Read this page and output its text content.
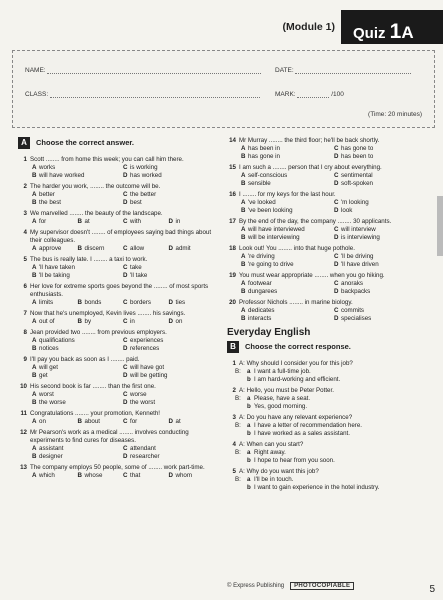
(Module 1)	Quiz 1A
NAME:	DATE:
CLASS:	MARK:	/100
(Time: 20 minutes)
A	Choose the correct answer.
1 Scott ........ from home this week; you can call him there.
A works	C is working
B will have worked	D has worked
2 The harder you work, ........ the outcome will be.
A better	C the better
B the best	D best
3 We marvelled ........ the beauty of the landscape.
A for	B at	C with	D in
4 My supervisor doesn't ........ of employees saying bad things about their colleagues.
A approve	B discern	C allow	D admit
5 The bus is really late. I ........ a taxi to work.
A 'll have taken	C take
B 'll be taking	D 'll take
6 Her love for extreme sports goes beyond the ........ of most sports enthusiasts.
A limits	B bonds	C borders	D ties
7 Now that he's unemployed, Kevin lives ........ his savings.
A out of	B by	C in	D on
8 Jean provided two ........ from previous employers.
A qualifications	C experiences
B notices	D references
9 I'll pay you back as soon as I ........ paid.
A will get	C will have got
B get	D will be getting
10 His second book is far ........ than the first one.
A worst	C worse
B the worse	D the worst
11 Congratulations ........ your promotion, Kenneth!
A on	B about	C for	D at
12 Mr Pearson's work as a medical ........ involves conducting experiments to find cures for diseases.
A assistant	C attendant
B designer	D researcher
13 The company employs 50 people, some of ........ work part-time.
A which	B whose	C that	D whom
14 Mr Murray ........ the third floor; he'll be back shortly.
A has been in	C has gone to
B has gone in	D has been to
15 I am such a ........ person that I cry about everything.
A self-conscious	C sentimental
B sensible	D soft-spoken
16 I ........ for my keys for the last hour.
A 've looked	C 'm looking
B 've been looking	D look
17 By the end of the day, the company ........ 30 applicants.
A will have interviewed	C will interview
B will be interviewing	D is interviewing
18 Look out! You ........ into that huge pothole.
A 're driving	C 'll be driving
B 're going to drive	D 'll have driven
19 You must wear appropriate ........ when you go hiking.
A footwear	C anoraks
B dungarees	D backpacks
20 Professor Nichols ........ in marine biology.
A dedicates	C commits
B interacts	D specialises
Everyday English
B	Choose the correct response.
1 A: Why should I consider you for this job?
B: a I want a full-time job.
b I am hard-working and efficient.
2 A: Hello, you must be Peter Potter.
B: a Please, have a seat.
b Yes, good morning.
3 A: Do you have any relevant experience?
B: a I have a letter of recommendation here.
b I have worked as a sales assistant.
4 A: When can you start?
B: a Right away.
b I hope to hear from you soon.
5 A: Why do you want this job?
B: a I'll be in touch.
b I want to gain experience in the hotel industry.
© Express Publishing	PHOTOCOPIABLE	5
